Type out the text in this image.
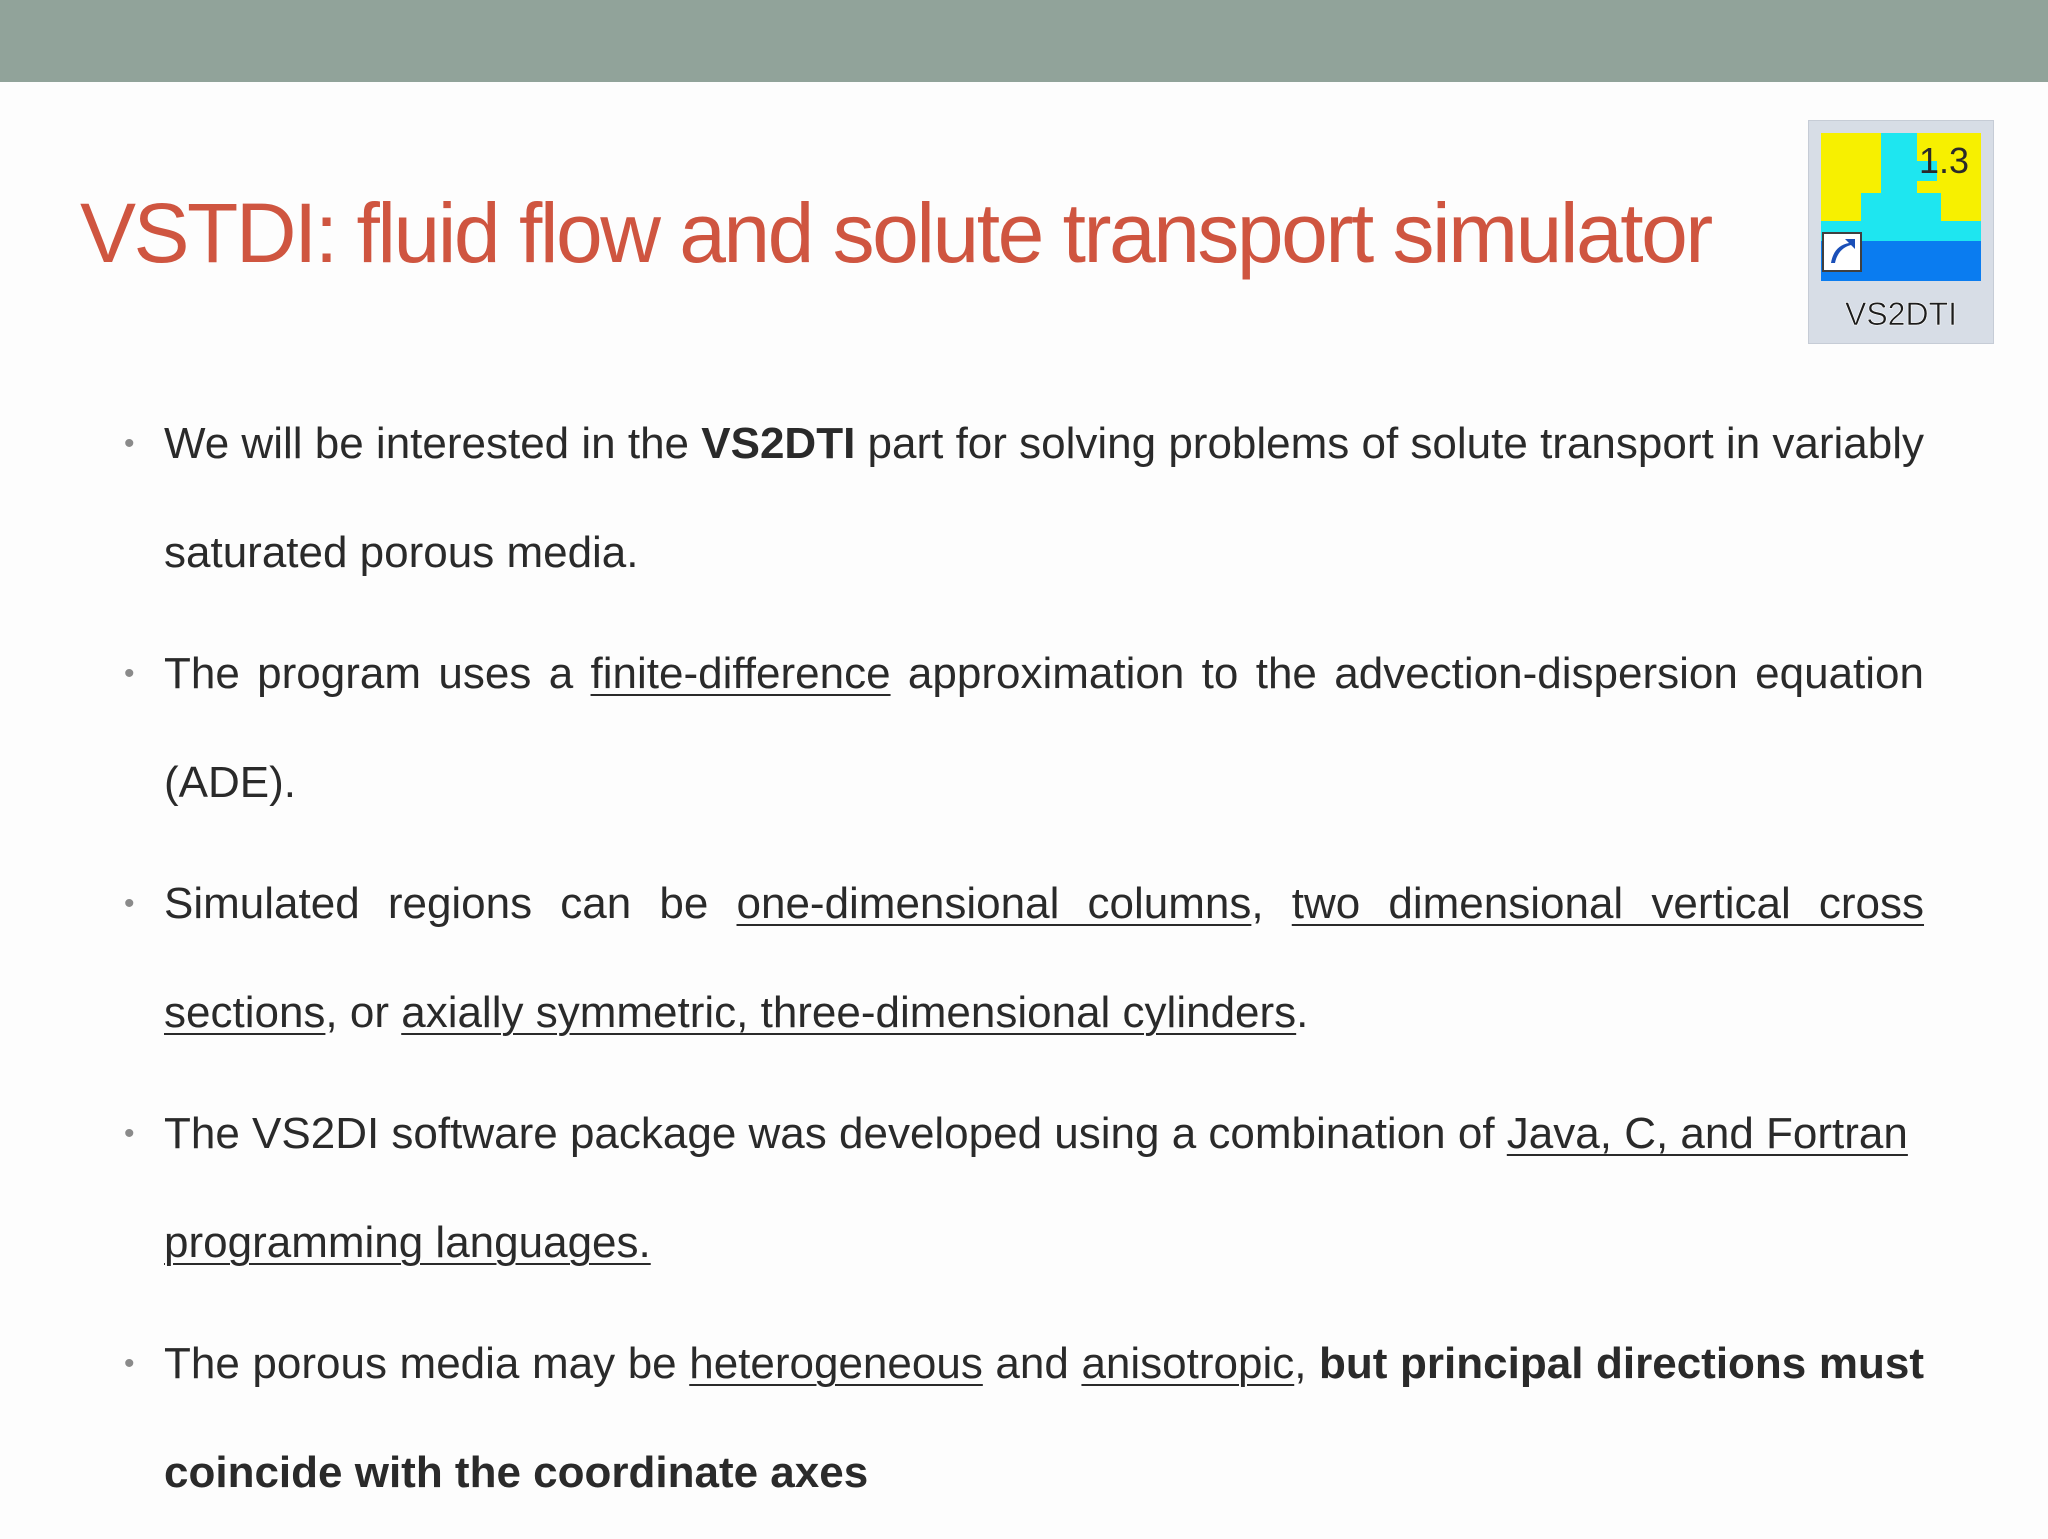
VSTDI: fluid flow and solute transport simulator
1.3
VS2DTI
• We will be interested in the VS2DTI part for solving problems of solute transport in variably saturated porous media.
• The program uses a finite-difference approximation to the advection-dispersion equation (ADE).
• Simulated regions can be one-dimensional columns, two dimensional vertical cross sections, or axially symmetric, three-dimensional cylinders.
• The VS2DI software package was developed using a combination of Java, C, and Fortran programming languages.
• The porous media may be heterogeneous and anisotropic, but principal directions must coincide with the coordinate axes
